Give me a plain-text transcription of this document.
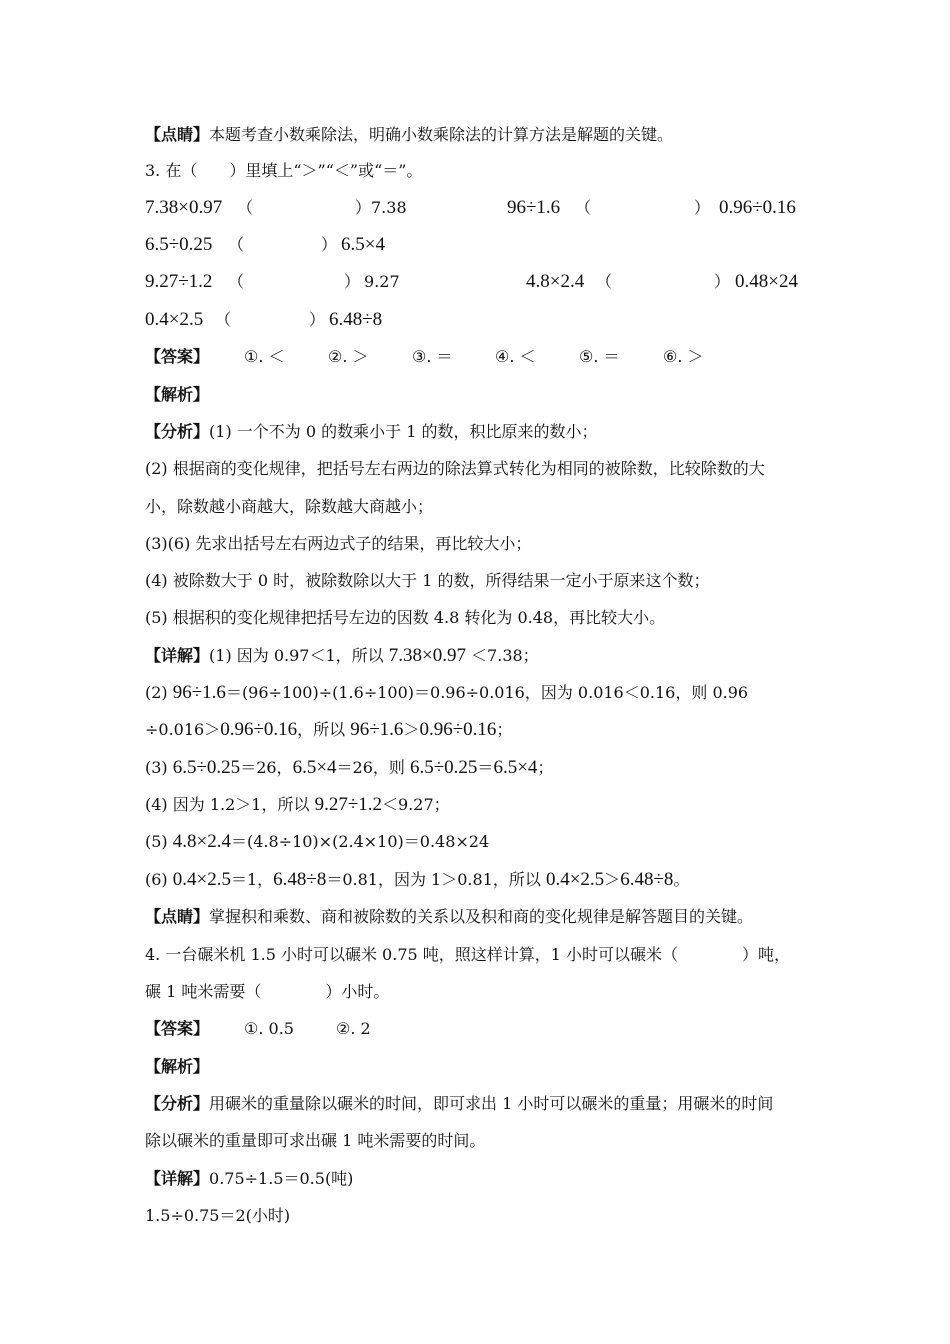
【点睛】本题考查小数乘除法，明确小数乘除法的计算方法是解题的关键。
3. 在（　　）里填上“＞”“＜”或“＝”。
7.38×0.97 （	） 7.38	96÷1.6 （	） 0.96÷0.16
6.5÷0.25 （	） 6.5×4
9.27÷1.2 （	） 9.27	4.8×2.4 （	） 0.48×24
0.4×2.5 （	） 6.48÷8
【答案】 ①. ＜	②. ＞	③. ＝	④. ＜	⑤. ＝	⑥. ＞
【解析】
【分析】(1) 一个不为 0 的数乘小于 1 的数，积比原来的数小；
(2) 根据商的变化规律，把括号左右两边的除法算式转化为相同的被除数，比较除数的大
小，除数越小商越大，除数越大商越小；
(3)(6) 先求出括号左右两边式子的结果，再比较大小；
(4) 被除数大于 0 时，被除数除以大于 1 的数，所得结果一定小于原来这个数；
(5) 根据积的变化规律把括号左边的因数 4.8 转化为 0.48，再比较大小。
【详解】(1) 因为 0.97＜1，所以 7.38×0.97 ＜7.38；
(2) 96÷1.6＝(96÷100)÷(1.6÷100)＝0.96÷0.016，因为 0.016＜0.16，则 0.96
÷0.016＞0.96÷0.16，所以 96÷1.6＞0.96÷0.16；
(3) 6.5÷0.25＝26，6.5×4＝26，则 6.5÷0.25＝6.5×4；
(4) 因为 1.2＞1，所以 9.27÷1.2＜9.27；
(5) 4.8×2.4＝(4.8÷10)×(2.4×10)＝0.48×24
(6) 0.4×2.5＝1，6.48÷8＝0.81，因为 1＞0.81，所以 0.4×2.5＞6.48÷8。
【点睛】掌握积和乘数、商和被除数的关系以及积和商的变化规律是解答题目的关键。
4. 一台碾米机 1.5 小时可以碾米 0.75 吨，照这样计算，1 小时可以碾米（　　　　）吨，
碾 1 吨米需要（　　　　）小时。
【答案】 ①. 0.5	②. 2
【解析】
【分析】用碾米的重量除以碾米的时间，即可求出 1 小时可以碾米的重量；用碾米的时间
除以碾米的重量即可求出碾 1 吨米需要的时间。
【详解】0.75÷1.5＝0.5(吨)
1.5÷0.75＝2(小时)
